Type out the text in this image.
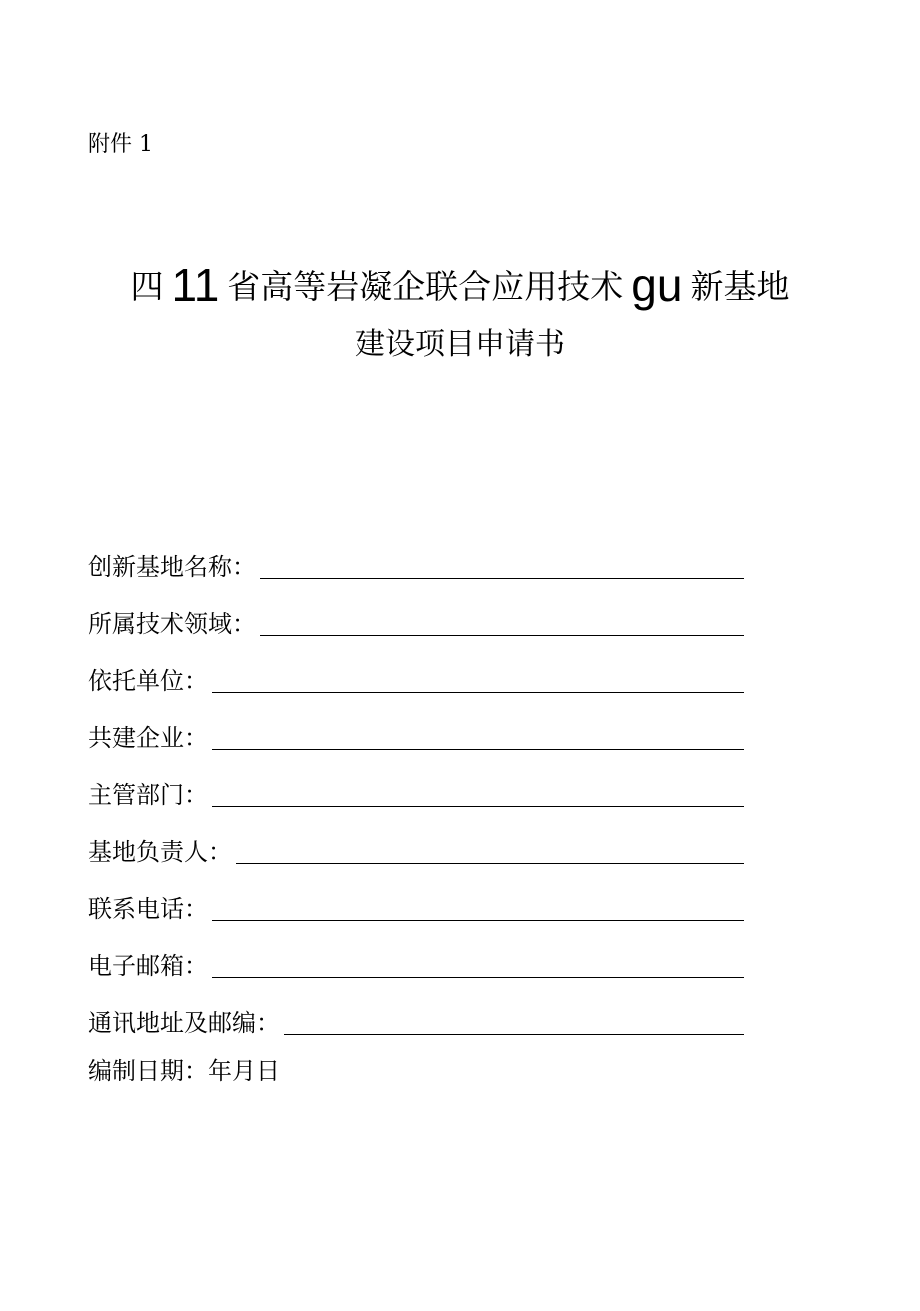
附件 1
四 11 省高等岩凝企联合应用技术 gu 新基地
建设项目申请书
创新基地名称：
所属技术领域：
依托单位：
共建企业：
主管部门：
基地负责人：
联系电话：
电子邮箱：
通讯地址及邮编：
编制日期：年月日
